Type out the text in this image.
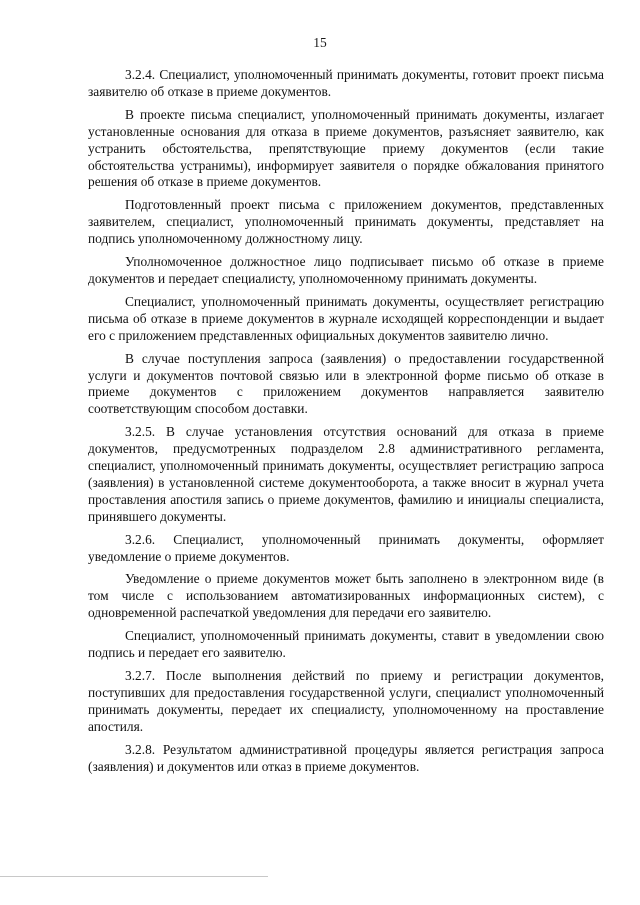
15

3.2.4. Специалист, уполномоченный принимать документы, готовит проект письма заявителю об отказе в приеме документов.

В проекте письма специалист, уполномоченный принимать документы, излагает установленные основания для отказа в приеме документов, разъясняет заявителю, как устранить обстоятельства, препятствующие приему документов (если такие обстоятельства устранимы), информирует заявителя о порядке обжалования принятого решения об отказе в приеме документов.

Подготовленный проект письма с приложением документов, представленных заявителем, специалист, уполномоченный принимать документы, представляет на подпись уполномоченному должностному лицу.

Уполномоченное должностное лицо подписывает письмо об отказе в приеме документов и передает специалисту, уполномоченному принимать документы.

Специалист, уполномоченный принимать документы, осуществляет регистрацию письма об отказе в приеме документов в журнале исходящей корреспонденции и выдает его с приложением представленных официальных документов заявителю лично.

В случае поступления запроса (заявления) о предоставлении государственной услуги и документов почтовой связью или в электронной форме письмо об отказе в приеме документов с приложением документов направляется заявителю соответствующим способом доставки.

3.2.5. В случае установления отсутствия оснований для отказа в приеме документов, предусмотренных подразделом 2.8 административного регламента, специалист, уполномоченный принимать документы, осуществляет регистрацию запроса (заявления) в установленной системе документооборота, а также вносит в журнал учета проставления апостиля запись о приеме документов, фамилию и инициалы специалиста, принявшего документы.

3.2.6. Специалист, уполномоченный принимать документы, оформляет уведомление о приеме документов.

Уведомление о приеме документов может быть заполнено в электронном виде (в том числе с использованием автоматизированных информационных систем), с одновременной распечаткой уведомления для передачи его заявителю.

Специалист, уполномоченный принимать документы, ставит в уведомлении свою подпись и передает его заявителю.

3.2.7. После выполнения действий по приему и регистрации документов, поступивших для предоставления государственной услуги, специалист уполномоченный принимать документы, передает их специалисту, уполномоченному на проставление апостиля.

3.2.8. Результатом административной процедуры является регистрация запроса (заявления) и документов или отказ в приеме документов.
